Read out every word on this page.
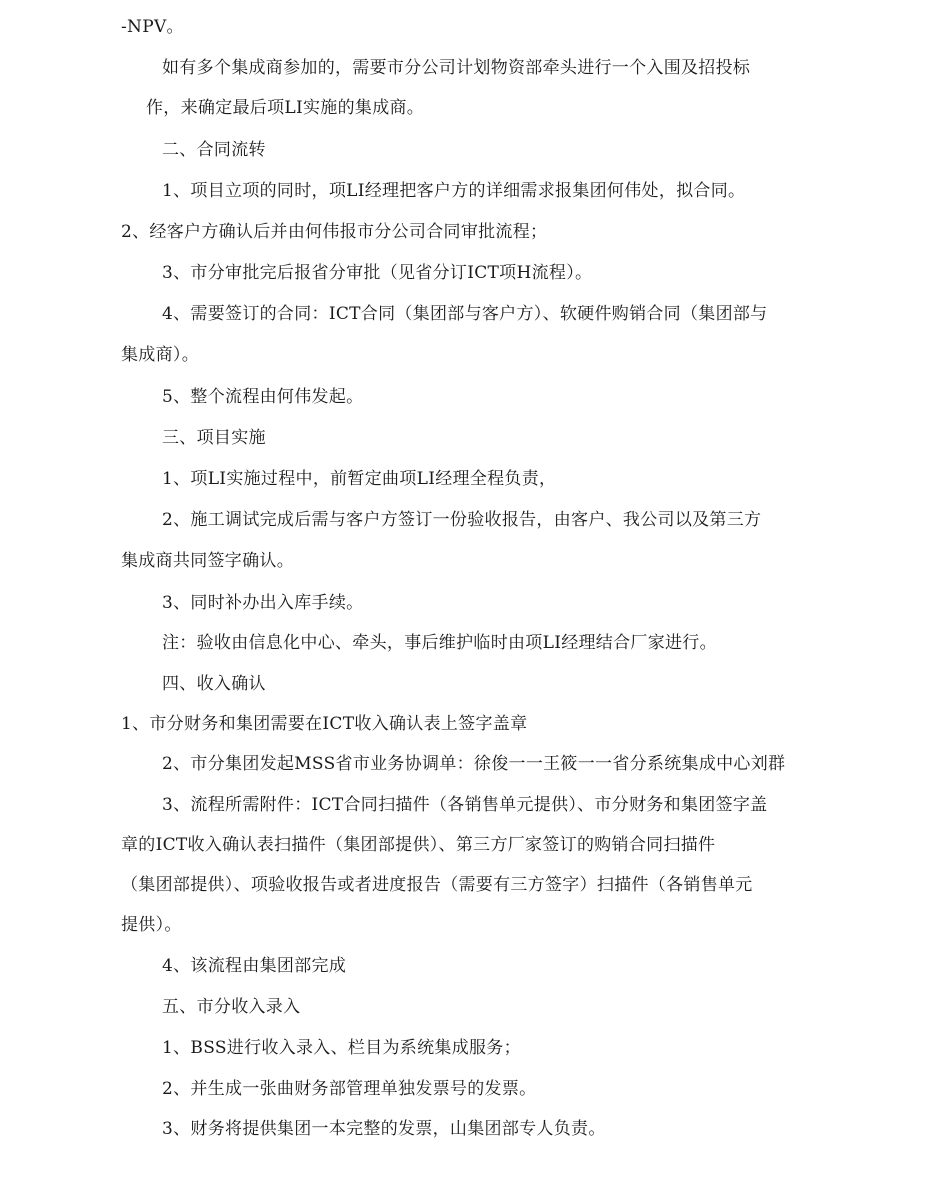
-NPV。
如有多个集成商参加的，需要市分公司计划物资部牵头进行一个入围及招投标
作，来确定最后项LI实施的集成商。
二、合同流转
1、项目立项的同时，项LI经理把客户方的详细需求报集团何伟处，拟合同。
2、经客户方确认后并由何伟报市分公司合同审批流程；
3、市分审批完后报省分审批（见省分订ICT项H流程）。
4、需要签订的合同：ICT合同（集团部与客户方）、软硬件购销合同（集团部与
集成商）。
5、整个流程由何伟发起。
三、项目实施
1、项LI实施过程中，前暂定曲项LI经理全程负责，
2、施工调试完成后需与客户方签订一份验收报告，由客户、我公司以及第三方
集成商共同签字确认。
3、同时补办出入库手续。
注：验收由信息化中心、牵头，事后维护临时由项LI经理结合厂家进行。
四、收入确认
1、市分财务和集团需要在ICT收入确认表上签字盖章
2、市分集团发起MSS省市业务协调单：徐俊一一王筱一一省分系统集成中心刘群
3、流程所需附件：ICT合同扫描件（各销售单元提供）、市分财务和集团签字盖
章的ICT收入确认表扫描件（集团部提供）、第三方厂家签订的购销合同扫描件
（集团部提供）、项验收报告或者进度报告（需要有三方签字）扫描件（各销售单元
提供）。
4、该流程由集团部完成
五、市分收入录入
1、BSS进行收入录入、栏目为系统集成服务；
2、并生成一张曲财务部管理单独发票号的发票。
3、财务将提供集团一本完整的发票，山集团部专人负责。
